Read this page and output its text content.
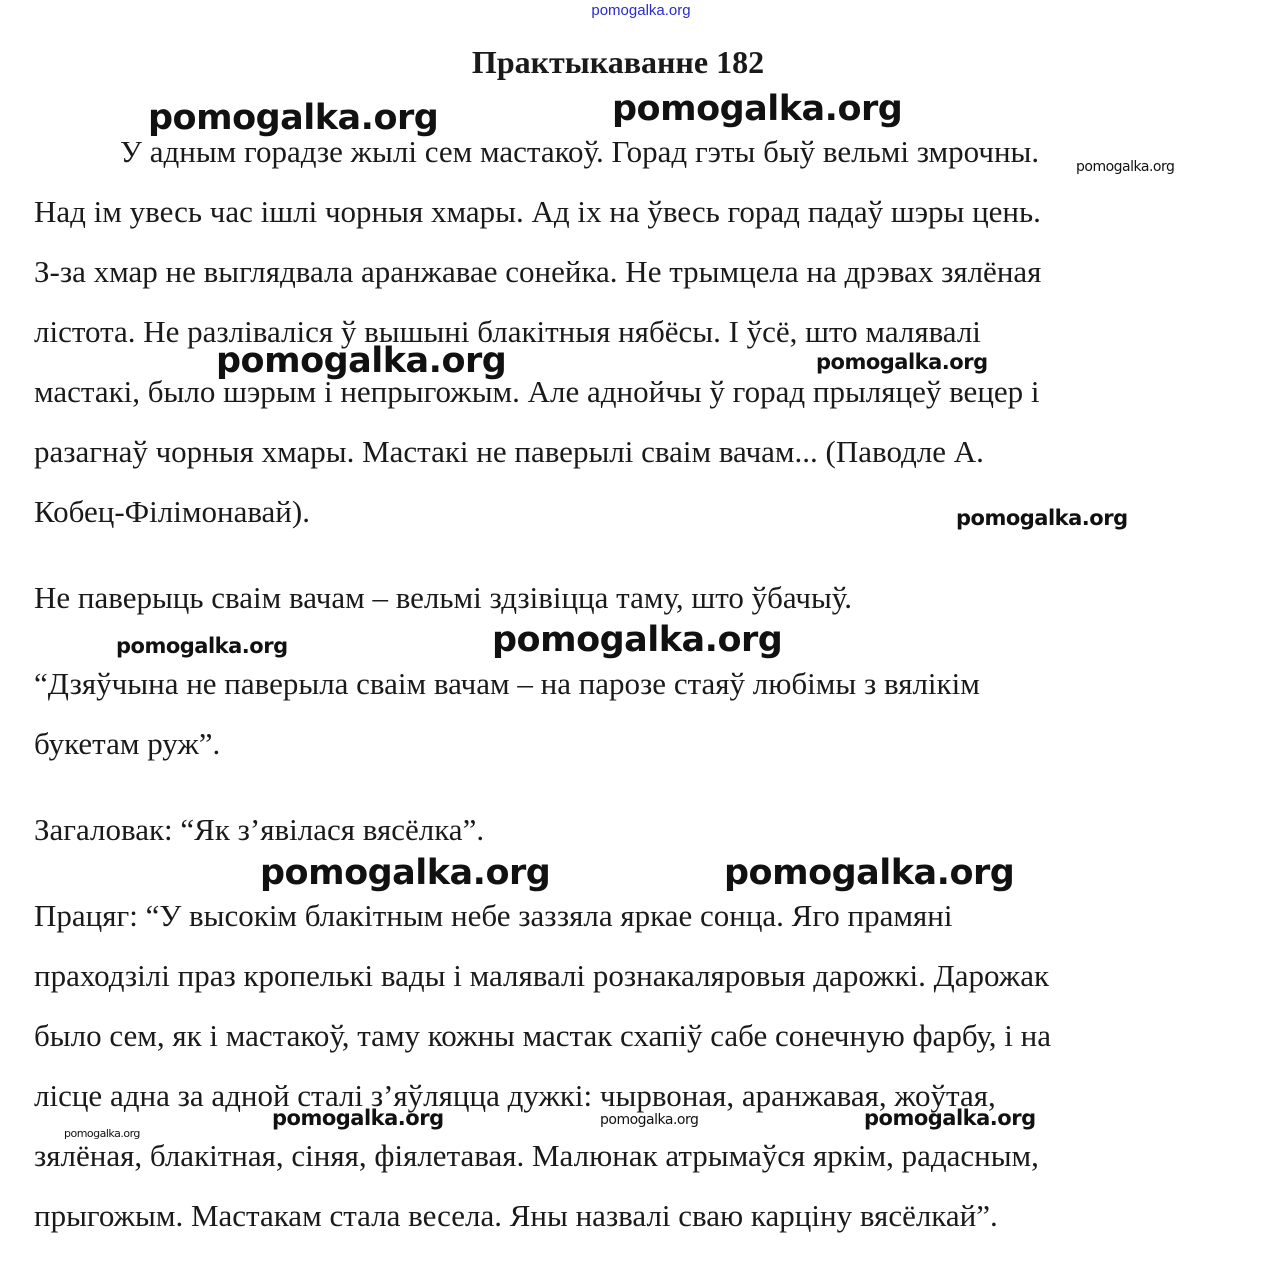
pomogalka.org
Практыкаванне 182
У адным горадзе жылі сем мастакоў. Горад гэты быў вельмі змрочны.
Над ім увесь час ішлі чорныя хмары. Ад іх на ўвесь горад падаў шэры цень.
З-за хмар не выглядвала аранжавае сонейка. Не трымцела на дрэвах зялёная
лістота. Не разліваліся ў вышыні блакітныя нябёсы. І ўсё, што малявалі
мастакі, было шэрым і непрыгожым. Але аднойчы ў горад прыляцеў вецер і
разагнаў чорныя хмары. Мастакі не паверылі сваім вачам... (Паводле А.
Кобец-Філімонавай).
Не паверыць сваім вачам – вельмі здзівіцца таму, што ўбачыў.
“Дзяўчына не паверыла сваім вачам – на парозе стаяў любімы з вялікім
букетам руж”.
Загаловак: “Як з’явілася вясёлка”.
Працяг: “У высокім блакітным небе заззяла яркае сонца. Яго прамяні
праходзілі праз кропелькі вады і малявалі рознакаляровыя дарожкі. Дарожак
было сем, як і мастакоў, таму кожны мастак схапіў сабе сонечную фарбу, і на
лісце адна за адной сталі з’яўляцца дужкі: чырвоная, аранжавая, жоўтая,
зялёная, блакітная, сіняя, фіялетавая. Малюнак атрымаўся яркім, радасным,
прыгожым. Мастакам стала весела. Яны назвалі сваю карціну вясёлкай”.
pomogalka.org	pomogalka.org
pomogalka.org
pomogalka.org	pomogalka.org
pomogalka.org
pomogalka.org	pomogalka.org
pomogalka.org	pomogalka.org
pomogalka.org	pomogalka.org	pomogalka.org
pomogalka.org
